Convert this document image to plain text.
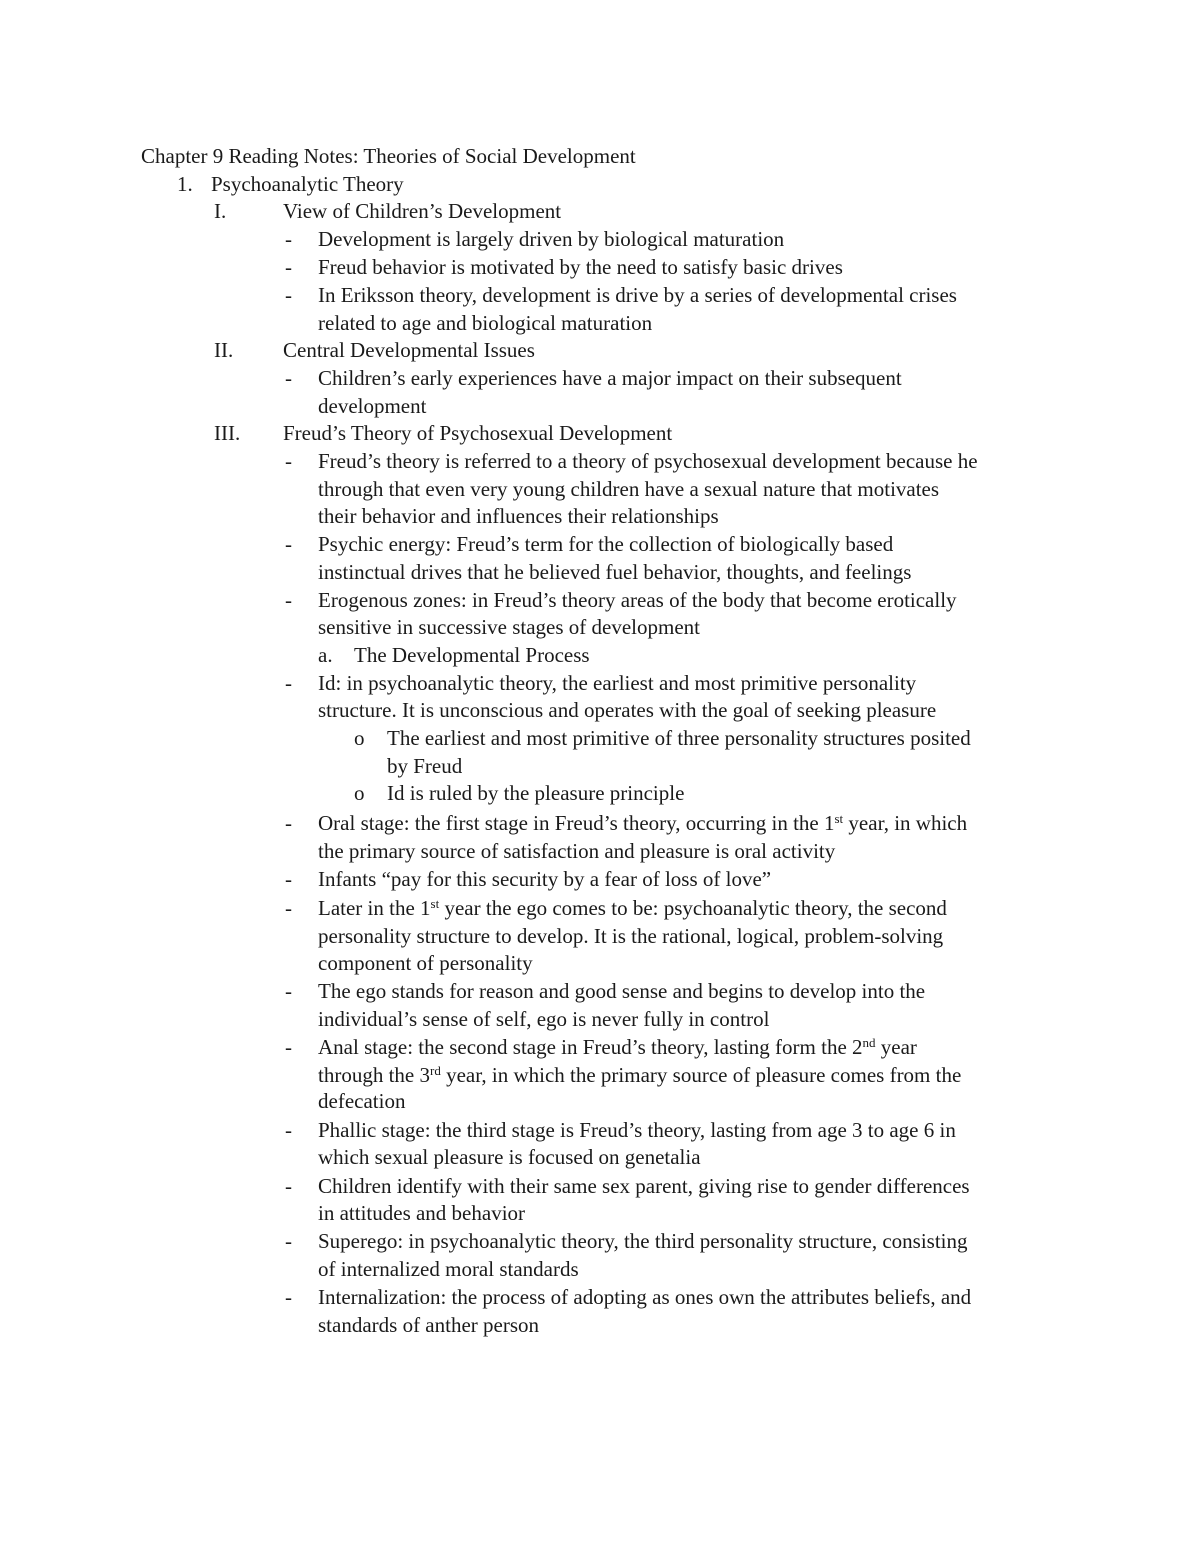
Chapter 9 Reading Notes: Theories of Social Development
1. Psychoanalytic Theory
I.	View of Children’s Development
- Development is largely driven by biological maturation
- Freud behavior is motivated by the need to satisfy basic drives
- In Eriksson theory, development is drive by a series of developmental crises
related to age and biological maturation
II. Central Developmental Issues
- Children’s early experiences have a major impact on their subsequent
development
III. Freud’s Theory of Psychosexual Development
- Freud’s theory is referred to a theory of psychosexual development because he
through that even very young children have a sexual nature that motivates
their behavior and influences their relationships
- Psychic energy: Freud’s term for the collection of biologically based
instinctual drives that he believed fuel behavior, thoughts, and feelings
- Erogenous zones: in Freud’s theory areas of the body that become erotically
sensitive in successive stages of development
a. The Developmental Process
- Id: in psychoanalytic theory, the earliest and most primitive personality
structure. It is unconscious and operates with the goal of seeking pleasure
o The earliest and most primitive of three personality structures posited
by Freud
o Id is ruled by the pleasure principle
- Oral stage: the first stage in Freud’s theory, occurring in the 1st year, in which
the primary source of satisfaction and pleasure is oral activity
- Infants “pay for this security by a fear of loss of love”
- Later in the 1st year the ego comes to be: psychoanalytic theory, the second
personality structure to develop. It is the rational, logical, problem-solving
component of personality
- The ego stands for reason and good sense and begins to develop into the
individual’s sense of self, ego is never fully in control
- Anal stage: the second stage in Freud’s theory, lasting form the 2nd year
through the 3rd year, in which the primary source of pleasure comes from the
defecation
- Phallic stage: the third stage is Freud’s theory, lasting from age 3 to age 6 in
which sexual pleasure is focused on genetalia
- Children identify with their same sex parent, giving rise to gender differences
in attitudes and behavior
- Superego: in psychoanalytic theory, the third personality structure, consisting
of internalized moral standards
- Internalization: the process of adopting as ones own the attributes beliefs, and
standards of anther person
